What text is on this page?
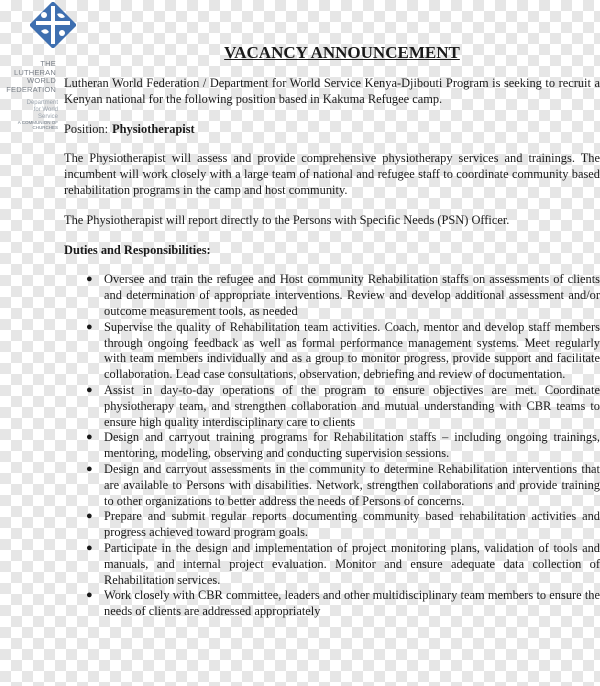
THE
LUTHERAN
WORLD
FEDERATION
Department
for World
Service
A COMMUNION OF CHURCHES
VACANCY ANNOUNCEMENT

Lutheran World Federation / Department for World Service Kenya-Djibouti Program is seeking to recruit a Kenyan national for the following position based in Kakuma Refugee camp.

Position: Physiotherapist

The Physiotherapist will assess and provide comprehensive physiotherapy services and trainings. The incumbent will work closely with a large team of national and refugee staff to coordinate community based rehabilitation programs in the camp and host community.

The Physiotherapist will report directly to the Persons with Specific Needs (PSN) Officer.

Duties and Responsibilities:
● Oversee and train the refugee and Host community Rehabilitation staffs on assessments of clients and determination of appropriate interventions. Review and develop additional assessment and/or outcome measurement tools, as needed
● Supervise the quality of Rehabilitation team activities. Coach, mentor and develop staff members through ongoing feedback as well as formal performance management systems. Meet regularly with team members individually and as a group to monitor progress, provide support and facilitate collaboration. Lead case consultations, observation, debriefing and review of documentation.
● Assist in day-to-day operations of the program to ensure objectives are met. Coordinate physiotherapy team, and strengthen collaboration and mutual understanding with CBR teams to ensure high quality interdisciplinary care to clients
● Design and carryout training programs for Rehabilitation staffs – including ongoing trainings, mentoring, modeling, observing and conducting supervision sessions.
● Design and carryout assessments in the community to determine Rehabilitation interventions that are available to Persons with disabilities. Network, strengthen collaborations and provide training to other organizations to better address the needs of Persons of concerns.
● Prepare and submit regular reports documenting community based rehabilitation activities and progress achieved toward program goals.
● Participate in the design and implementation of project monitoring plans, validation of tools and manuals, and internal project evaluation. Monitor and ensure adequate data collection of Rehabilitation services.
● Work closely with CBR committee, leaders and other multidisciplinary team members to ensure the needs of clients are addressed appropriately
